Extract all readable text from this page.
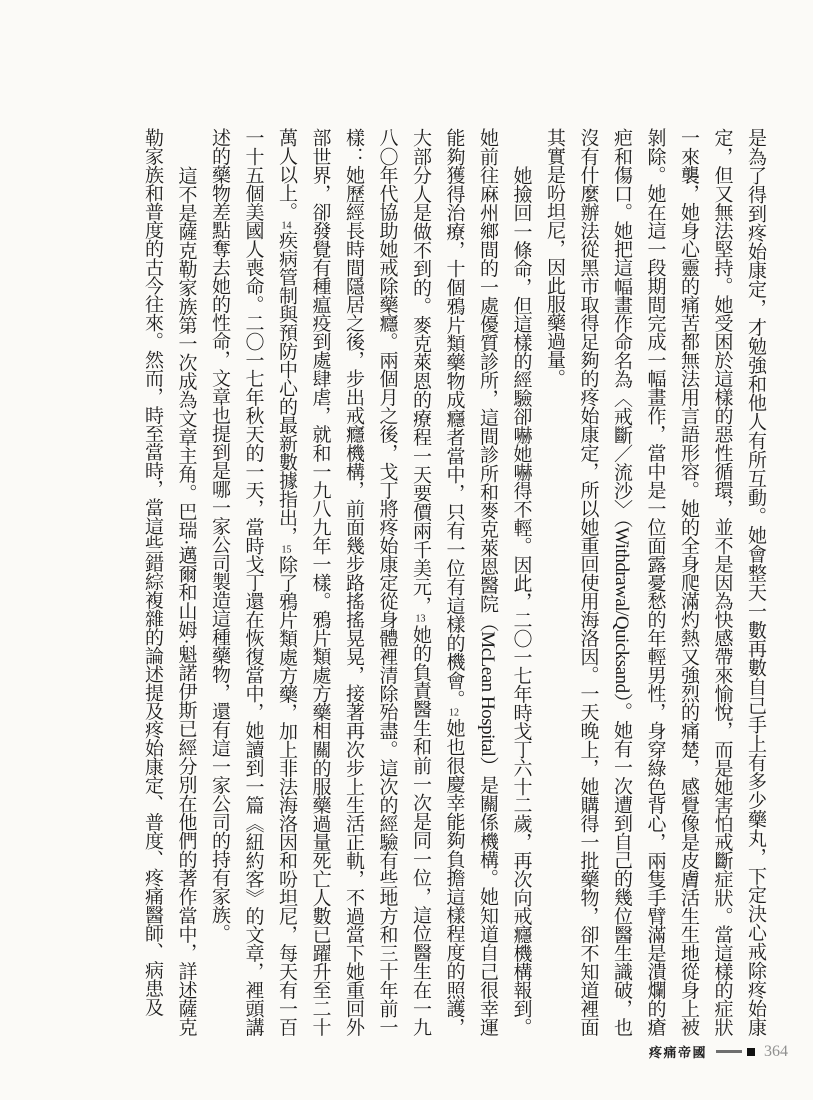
是為了得到疼始康定，才勉強和他人有所互動。她會整天一數再數自己手上有多少藥丸，下定決心戒除疼始康定，但又無法堅持。她受困於這樣的惡性循環，並不是因為快感帶來愉悅，而是她害怕戒斷症狀。當這樣的症狀一來襲，她身心靈的痛苦都無法用言語形容。她的全身爬滿灼熱又強烈的痛楚，感覺像是皮膚活生生地從身上被剝除。她在這一段期間完成一幅畫作，當中是一位面露憂愁的年輕男性，身穿綠色背心，兩隻手臂滿是潰爛的瘡疤和傷口。她把這幅畫作命名為〈戒斷／流沙〉（Withdrawal/Quicksand）。她有一次遭到自己的幾位醫生識破，也沒有什麼辦法從黑市取得足夠的疼始康定，所以她重回使用海洛因。一天晚上，她購得一批藥物，卻不知道裡面其實是吩坦尼，因此服藥過量。

她撿回一條命，但這樣的經驗卻嚇她嚇得不輕。因此，二〇一七年時戈丁六十二歲，再次向戒癮機構報到。她前往麻州鄉間的一處優質診所，這間診所和麥克萊恩醫院（McLean Hospital）是關係機構。她知道自己很幸運能夠獲得治療，十個鴉片類藥物成癮者當中，只有一位有這樣的機會。12她也很慶幸能夠負擔這樣程度的照護，大部分人是做不到的。麥克萊恩的療程一天要價兩千美元，13她的負責醫生和前一次是同一位，這位醫生在一九八〇年代協助她戒除藥癮。兩個月之後，戈丁將疼始康定從身體裡清除殆盡。這次的經驗有些地方和三十年前一樣：她歷經長時間隱居之後，步出戒癮機構，前面幾步路搖搖晃晃，接著再次步上生活正軌，不過當下她重回外部世界，卻發覺有種瘟疫到處肆虐，就和一九八九年一樣。鴉片類處方藥相關的服藥過量死亡人數已躍升至二十萬人以上。14疾病管制與預防中心的最新數據指出，15除了鴉片類處方藥，加上非法海洛因和吩坦尼，每天有一百一十五個美國人喪命。二〇一七年秋天的一天，當時戈丁還在恢復當中，她讀到一篇《紐約客》的文章，裡頭講述的藥物差點奪去她的性命，文章也提到是哪一家公司製造這種藥物，還有這一家公司的持有家族。

這不是薩克勒家族第一次成為文章主角。巴瑞·邁爾和山姆·魁諾伊斯已經分別在他們的著作當中，詳述薩克勒家族和普度的古今往來。然而，時至當時，當這些錯綜複雜的論述提及疼始康定、普度、疼痛醫師、病患及

疼痛帝國	364
